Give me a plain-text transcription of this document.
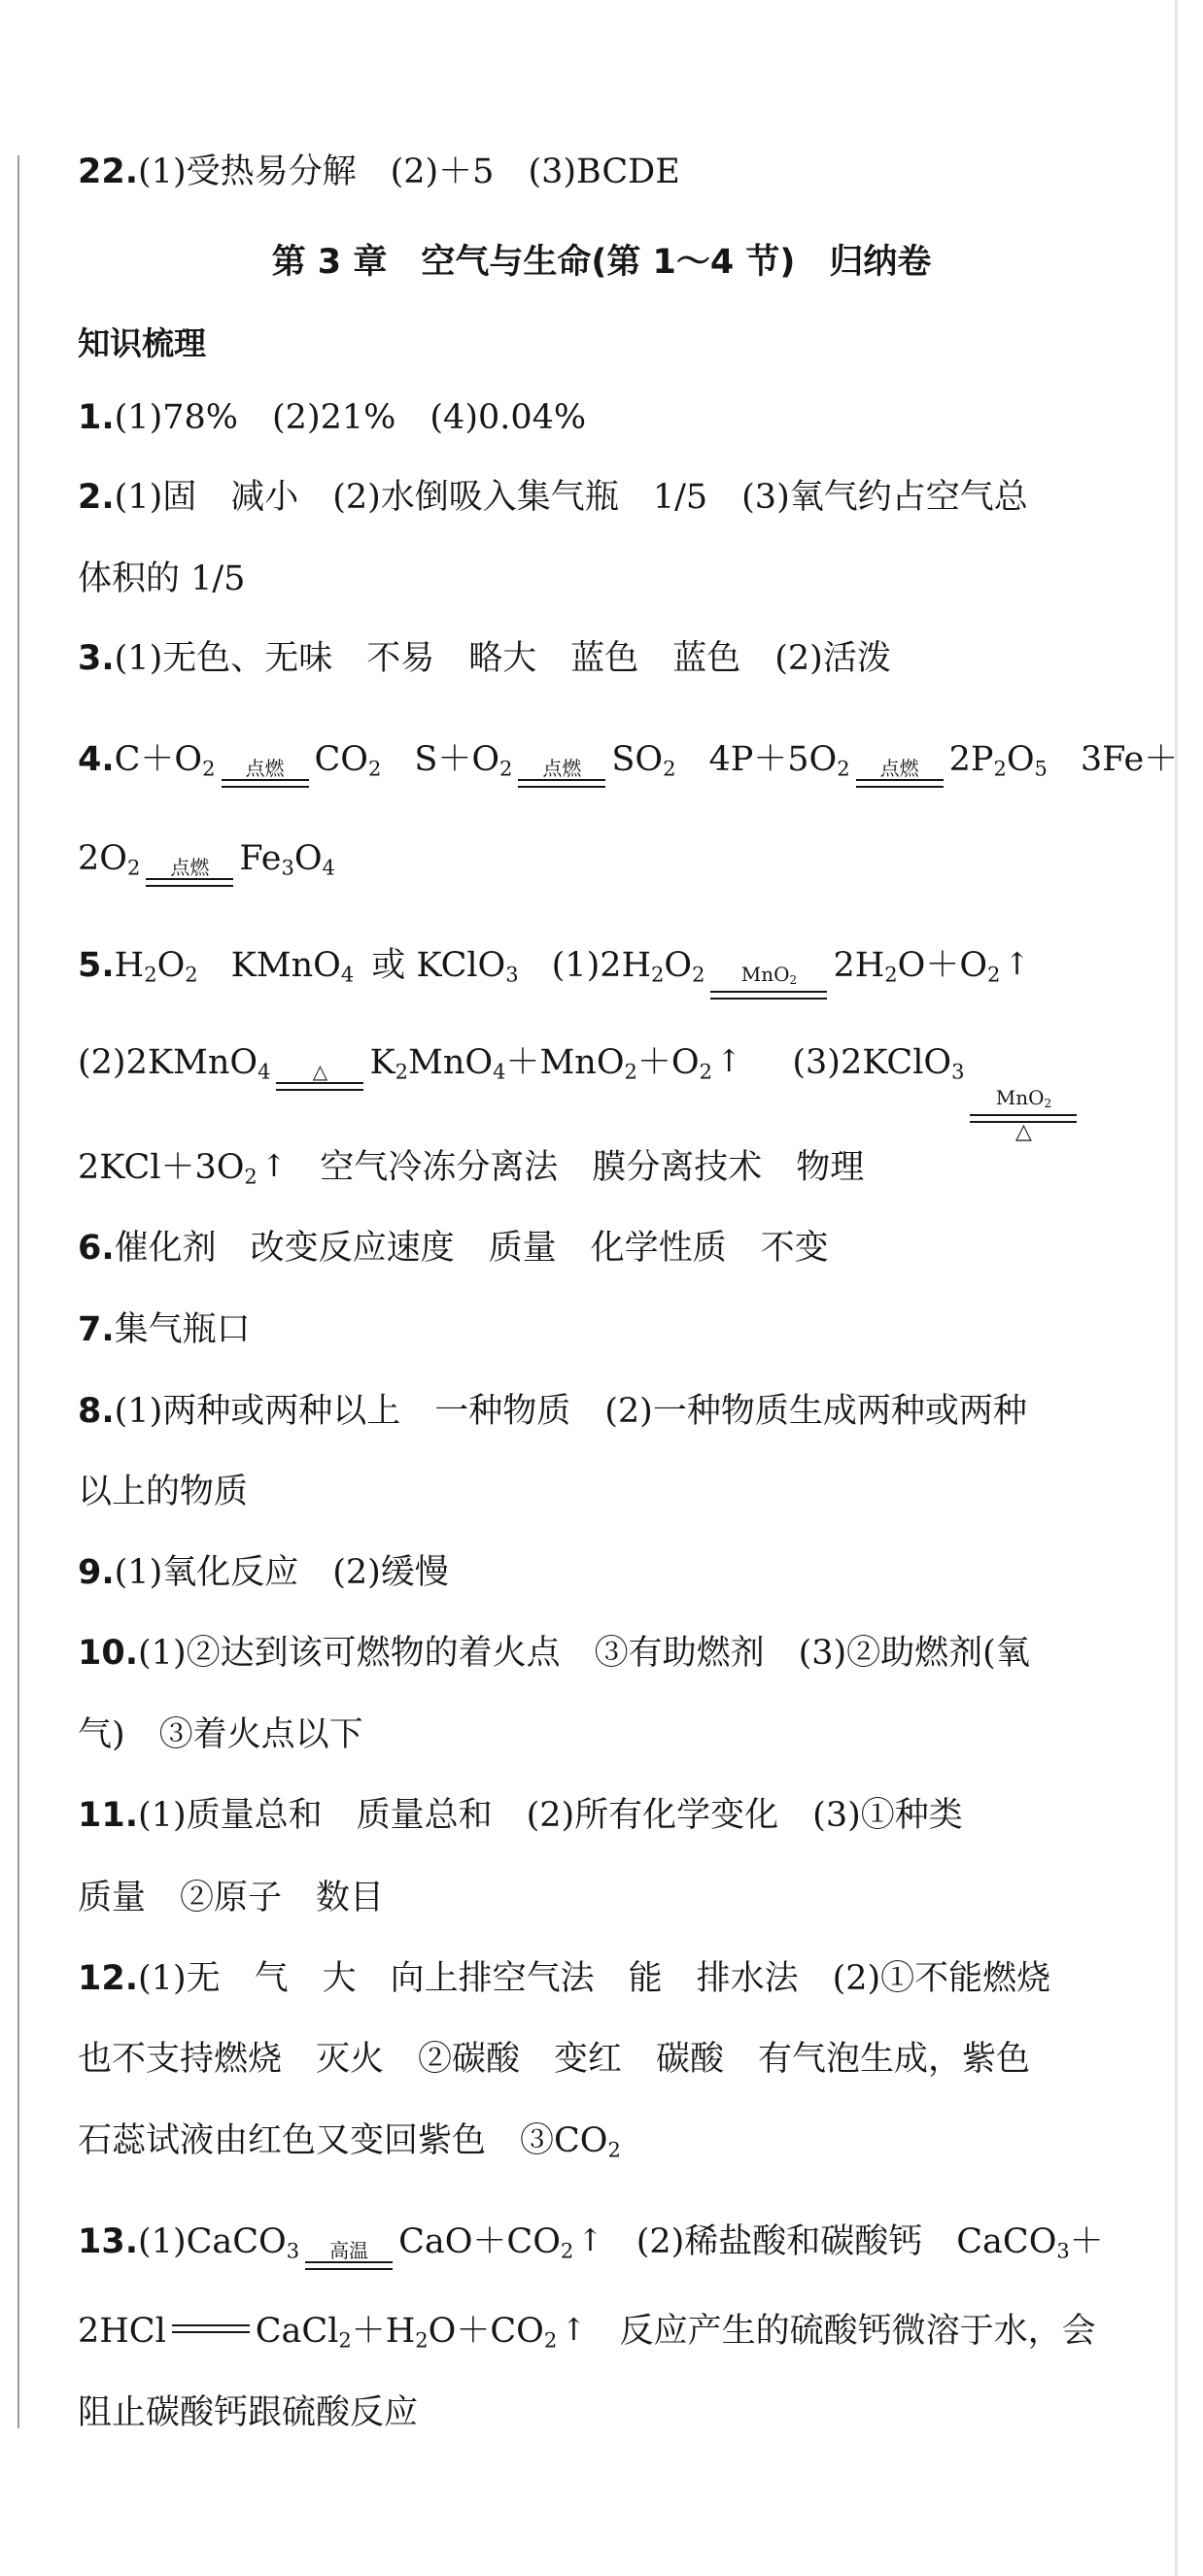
22.(1)受热易分解　(2)＋5　(3)BCDE
第 3 章　空气与生命(第 1～4 节)　归纳卷
知识梳理
1.(1)78%　(2)21%　(4)0.04%
2.(1)固　减小　(2)水倒吸入集气瓶　1/5　(3)氧气约占空气总
体积的 1/5
3.(1)无色、无味　不易　略大　蓝色　蓝色　(2)活泼
$4.C+O_2$ 点燃 $CO_2$ $S+O_2$ 点燃 $SO_2$ $4P+5O_2$ 点燃 $2P_2O_5$ 3Fe＋
$2O_2$ 点燃 $Fe_3O_4$
$5.H_2O_2$ KMnO$_4$ 或 KClO$_3$ $(1)2H_2O_2$ MnO$_2$ $2H_2O+O_2$ ↑
(2)2KMnO$_4$ △ $K_2MnO_4+MnO_2+O_2$ ↑ (3)2KClO$_3$
MnO$_2$
△
$2KCl+3O_2$ ↑ 空气冷冻分离法　膜分离技术　物理
6.催化剂　改变反应速度　质量　化学性质　不变
7.集气瓶口
8.(1)两种或两种以上　一种物质　(2)一种物质生成两种或两种
以上的物质
9.(1)氧化反应　(2)缓慢
10.(1)②达到该可燃物的着火点　③有助燃剂　(3)②助燃剂(氧
气)　③着火点以下
11.(1)质量总和　质量总和　(2)所有化学变化　(3)①种类
质量　②原子　数目
12.(1)无　气　大　向上排空气法　能　排水法　(2)①不能燃烧
也不支持燃烧　灭火　②碳酸　变红　碳酸　有气泡生成，紫色
石蕊试液由红色又变回紫色　$③CO_2$
13.(1)CaCO$_3$ 高温 $CaO+CO_2$ ↑ (2)稀盐酸和碳酸钙　CaCO$_3$＋
2HCl	$CaCl_2+H_2O+CO_2$ ↑ 反应产生的硫酸钙微溶于水，会
阻止碳酸钙跟硫酸反应
